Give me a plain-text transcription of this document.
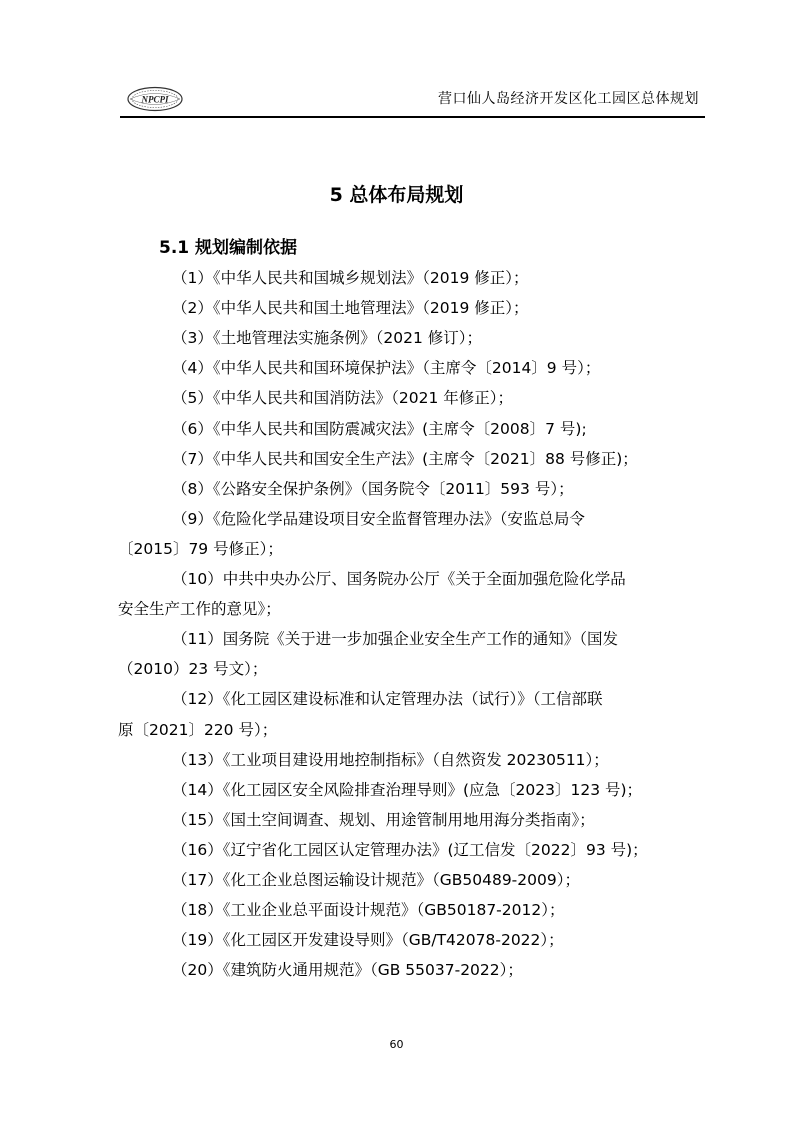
NPCPI	营口仙人岛经济开发区化工园区总体规划
5 总体布局规划
5.1 规划编制依据
（1）《中华人民共和国城乡规划法》（2019 修正）；
（2）《中华人民共和国土地管理法》（2019 修正）；
（3）《土地管理法实施条例》（2021 修订）；
（4）《中华人民共和国环境保护法》（主席令〔2014〕9 号）；
（5）《中华人民共和国消防法》（2021 年修正）；
（6）《中华人民共和国防震减灾法》(主席令〔2008〕7 号);
（7）《中华人民共和国安全生产法》(主席令〔2021〕88 号修正)；
（8）《公路安全保护条例》（国务院令〔2011〕593 号）；
（9）《危险化学品建设项目安全监督管理办法》（安监总局令
〔2015〕79 号修正）；
（10）中共中央办公厅、国务院办公厅《关于全面加强危险化学品
安全生产工作的意见》；
（11）国务院《关于进一步加强企业安全生产工作的通知》（国发
（2010）23 号文）；
（12）《化工园区建设标准和认定管理办法（试行）》（工信部联
原〔2021〕220 号）；
（13）《工业项目建设用地控制指标》（自然资发 20230511）；
（14）《化工园区安全风险排查治理导则》(应急〔2023〕123 号)；
（15）《国土空间调查、规划、用途管制用地用海分类指南》；
（16）《辽宁省化工园区认定管理办法》(辽工信发〔2022〕93 号)；
（17）《化工企业总图运输设计规范》（GB50489-2009）；
（18）《工业企业总平面设计规范》（GB50187-2012）；
（19）《化工园区开发建设导则》（GB/T42078-2022）；
（20）《建筑防火通用规范》（GB 55037-2022）；
60
